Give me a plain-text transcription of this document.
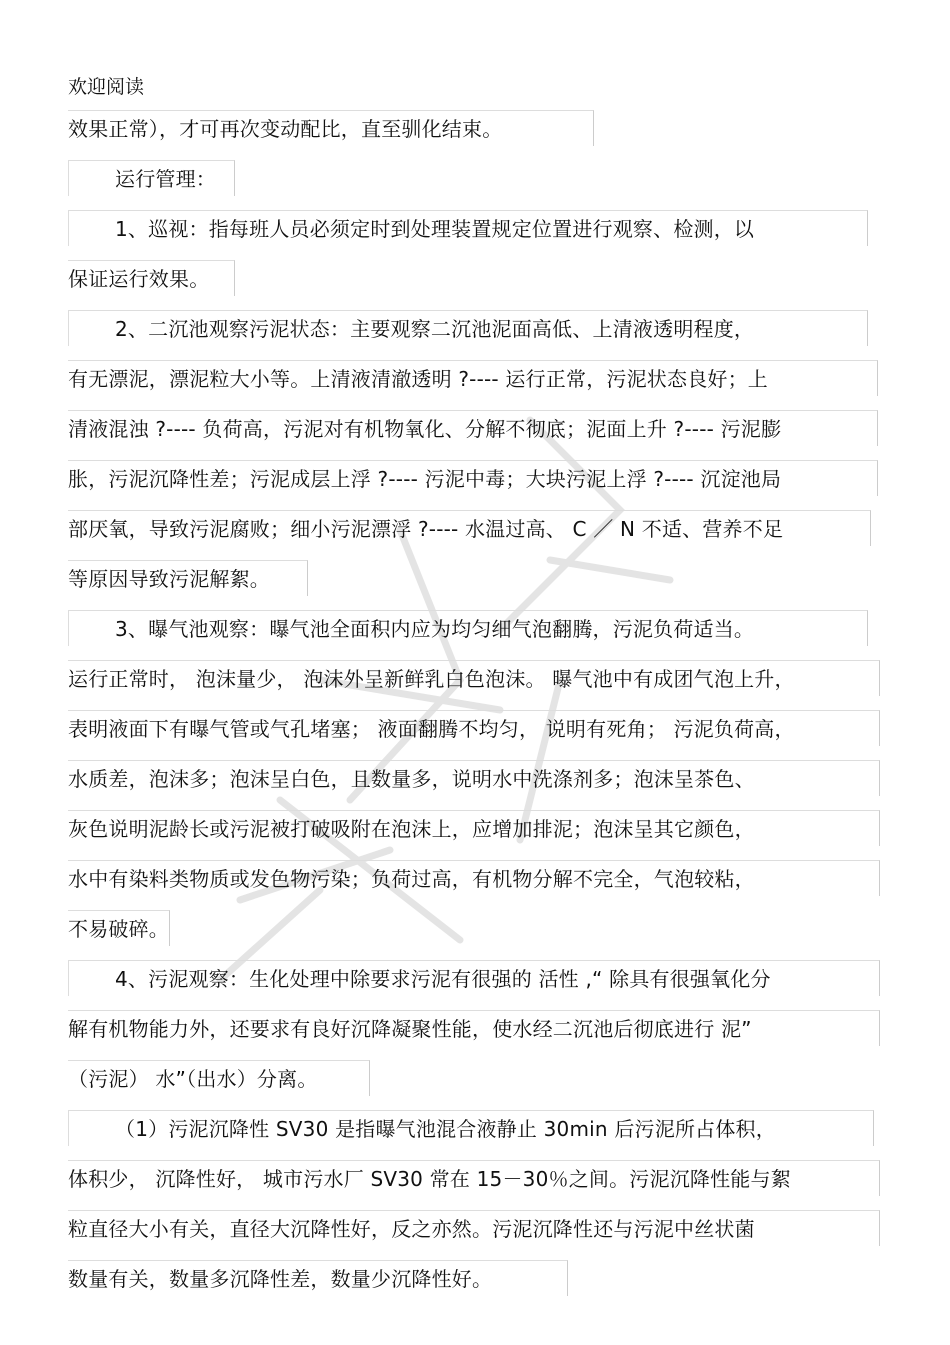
欢迎阅读
效果正常），才可再次变动配比，直至驯化结束。
运行管理：
1、巡视：指每班人员必须定时到处理装置规定位置进行观察、检测，以
保证运行效果。
2、二沉池观察污泥状态：主要观察二沉池泥面高低、上清液透明程度，
有无漂泥，漂泥粒大小等。上清液清澈透明 ?---- 运行正常，污泥状态良好；上
清液混浊 ?---- 负荷高，污泥对有机物氧化、分解不彻底；泥面上升 ?---- 污泥膨
胀，污泥沉降性差；污泥成层上浮 ?---- 污泥中毒；大块污泥上浮 ?---- 沉淀池局
部厌氧，导致污泥腐败；细小污泥漂浮 ?---- 水温过高、 C ／ N 不适、营养不足
等原因导致污泥解絮。
3、曝气池观察：曝气池全面积内应为均匀细气泡翻腾，污泥负荷适当。
运行正常时， 泡沫量少， 泡沫外呈新鲜乳白色泡沫。 曝气池中有成团气泡上升，
表明液面下有曝气管或气孔堵塞； 液面翻腾不均匀， 说明有死角； 污泥负荷高，
水质差，泡沫多；泡沫呈白色，且数量多，说明水中洗涤剂多；泡沫呈茶色、
灰色说明泥龄长或污泥被打破吸附在泡沫上，应增加排泥；泡沫呈其它颜色，
水中有染料类物质或发色物污染；负荷过高，有机物分解不完全，气泡较粘，
不易破碎。
4、污泥观察：生化处理中除要求污泥有很强的 活性 ,“ 除具有很强氧化分
解有机物能力外，还要求有良好沉降凝聚性能，使水经二沉池后彻底进行 泥”
（污泥） 水”（出水）分离。
（1）污泥沉降性 SV30 是指曝气池混合液静止 30min 后污泥所占体积，
体积少， 沉降性好， 城市污水厂 SV30 常在 15－30％之间。污泥沉降性能与絮
粒直径大小有关，直径大沉降性好，反之亦然。污泥沉降性还与污泥中丝状菌
数量有关，数量多沉降性差，数量少沉降性好。
